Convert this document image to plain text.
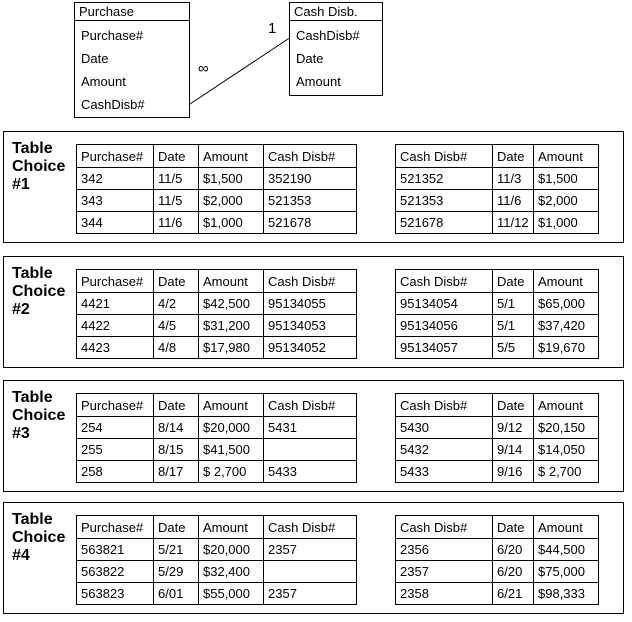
Purchase
Purchase#
Date
Amount
CashDisb#
Cash Disb.
CashDisb#
Date
Amount
∞
1
Table
Choice
#1
Purchase#	Date	Amount	Cash Disb#
342	11/5	$1,500	352190
343	11/5	$2,000	521353
344	11/6	$1,000	521678
Cash Disb#	Date	Amount
521352	11/3	$1,500
521353	11/6	$2,000
521678	11/12	$1,000
Table
Choice
#2
Purchase#	Date	Amount	Cash Disb#
4421	4/2	$42,500	95134055
4422	4/5	$31,200	95134053
4423	4/8	$17,980	95134052
Cash Disb#	Date	Amount
95134054	5/1	$65,000
95134056	5/1	$37,420
95134057	5/5	$19,670
Table
Choice
#3
Purchase#	Date	Amount	Cash Disb#
254	8/14	$20,000	5431
255	8/15	$41,500	
258	8/17	$ 2,700	5433
Cash Disb#	Date	Amount
5430	9/12	$20,150
5432	9/14	$14,050
5433	9/16	$ 2,700
Table
Choice
#4
Purchase#	Date	Amount	Cash Disb#
563821	5/21	$20,000	2357
563822	5/29	$32,400	
563823	6/01	$55,000	2357
Cash Disb#	Date	Amount
2356	6/20	$44,500
2357	6/20	$75,000
2358	6/21	$98,333
